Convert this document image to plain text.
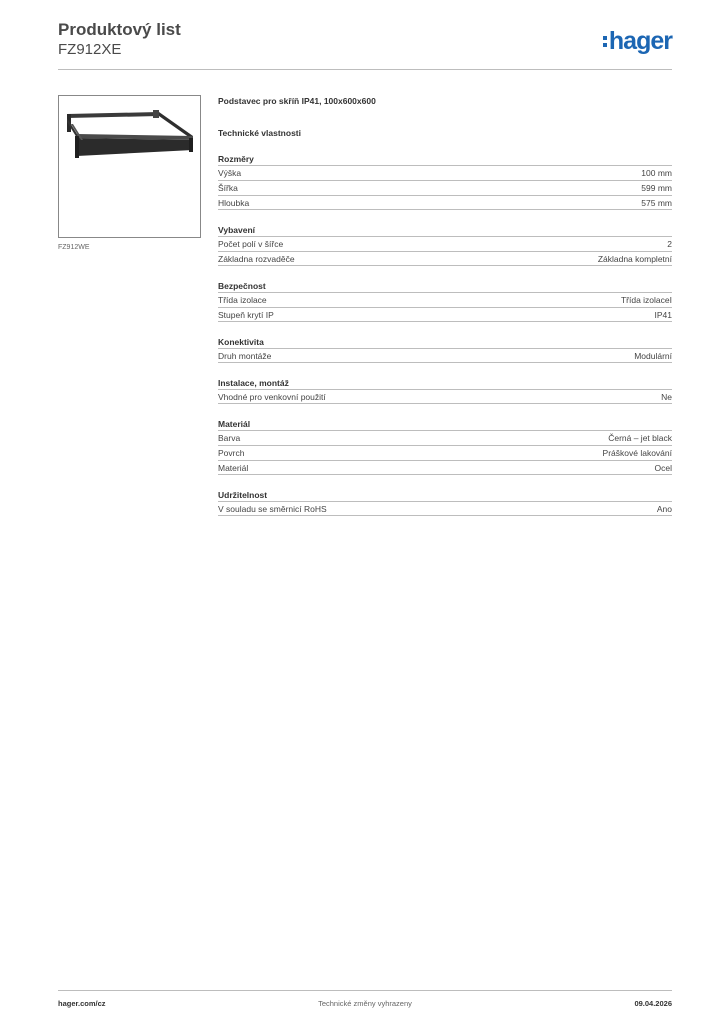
Produktový list
FZ912XE	hager
FZ912WE
Podstavec pro skříň IP41, 100x600x600
Technické vlastnosti
Rozměry
Výška	100 mm
Šířka	599 mm
Hloubka	575 mm
Vybavení
Počet polí v šířce	2
Základna rozvaděče	Základna kompletní
Bezpečnost
Třída izolace	Třída izolaceI
Stupeň krytí IP	IP41
Konektivita
Druh montáže	Modulární
Instalace, montáž
Vhodné pro venkovní použití	Ne
Materiál
Barva	Černá – jet black
Povrch	Práškové lakování
Materiál	Ocel
Udržitelnost
V souladu se směrnicí RoHS	Ano
hager.com/cz	Technické změny vyhrazeny	09.04.2026
